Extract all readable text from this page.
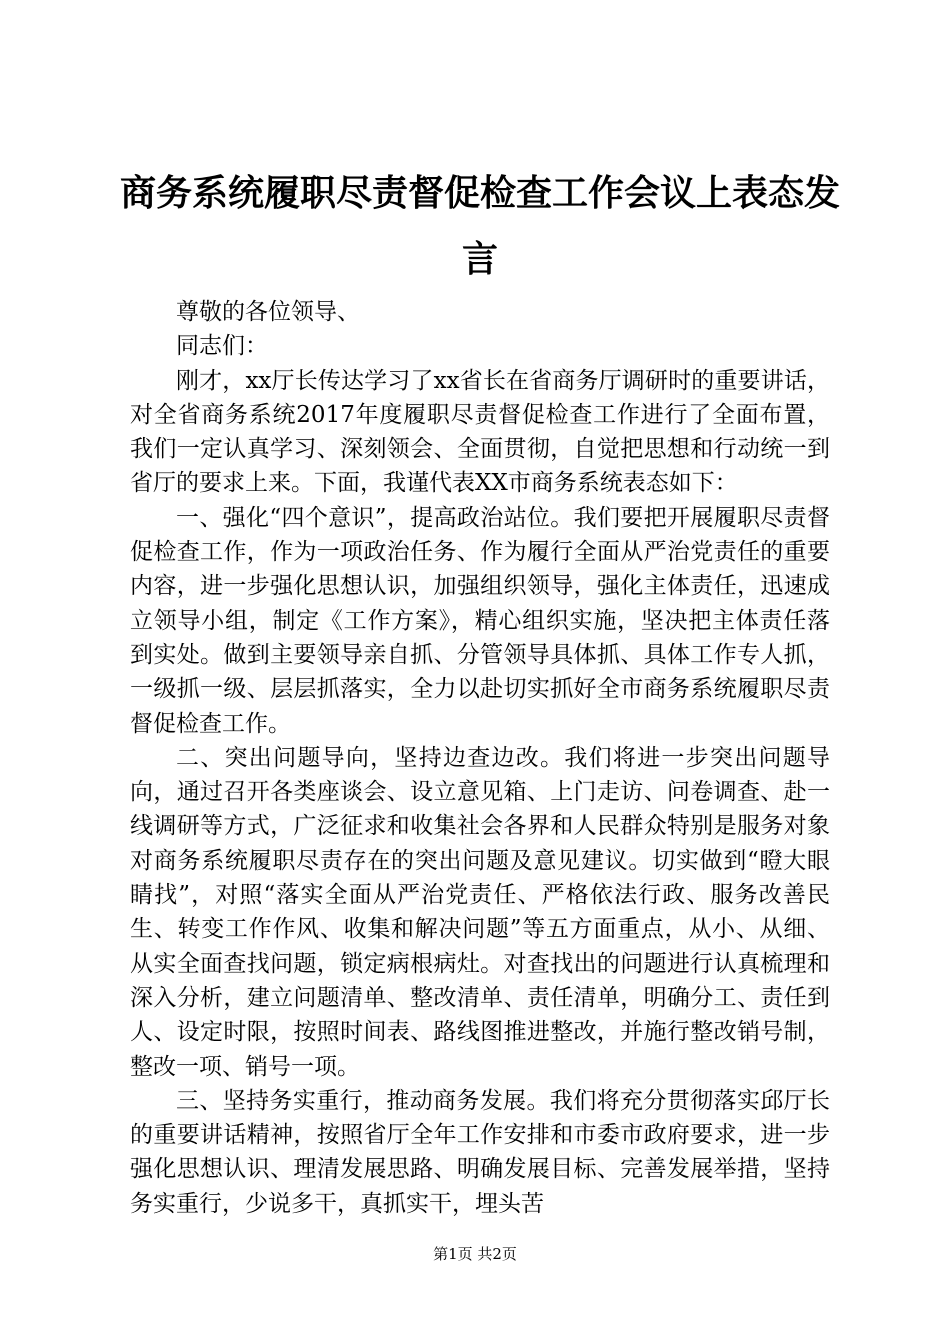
商务系统履职尽责督促检查工作会议上表态发言

尊敬的各位领导、

同志们：

刚才，xx厅长传达学习了xx省长在省商务厅调研时的重要讲话，对全省商务系统2017年度履职尽责督促检查工作进行了全面布置，我们一定认真学习、深刻领会、全面贯彻，自觉把思想和行动统一到省厅的要求上来。下面，我谨代表XX市商务系统表态如下：

一、强化“四个意识”，提高政治站位。我们要把开展履职尽责督促检查工作，作为一项政治任务、作为履行全面从严治党责任的重要内容，进一步强化思想认识，加强组织领导，强化主体责任，迅速成立领导小组，制定《工作方案》，精心组织实施，坚决把主体责任落到实处。做到主要领导亲自抓、分管领导具体抓、具体工作专人抓，一级抓一级、层层抓落实，全力以赴切实抓好全市商务系统履职尽责督促检查工作。

二、突出问题导向，坚持边查边改。我们将进一步突出问题导向，通过召开各类座谈会、设立意见箱、上门走访、问卷调查、赴一线调研等方式，广泛征求和收集社会各界和人民群众特别是服务对象对商务系统履职尽责存在的突出问题及意见建议。切实做到“瞪大眼睛找”，对照“落实全面从严治党责任、严格依法行政、服务改善民生、转变工作作风、收集和解决问题”等五方面重点，从小、从细、从实全面查找问题，锁定病根病灶。对查找出的问题进行认真梳理和深入分析，建立问题清单、整改清单、责任清单，明确分工、责任到人、设定时限，按照时间表、路线图推进整改，并施行整改销号制，整改一项、销号一项。

三、坚持务实重行，推动商务发展。我们将充分贯彻落实邱厅长的重要讲话精神，按照省厅全年工作安排和市委市政府要求，进一步强化思想认识、理清发展思路、明确发展目标、完善发展举措，坚持务实重行，少说多干，真抓实干，埋头苦

第1页 共2页
